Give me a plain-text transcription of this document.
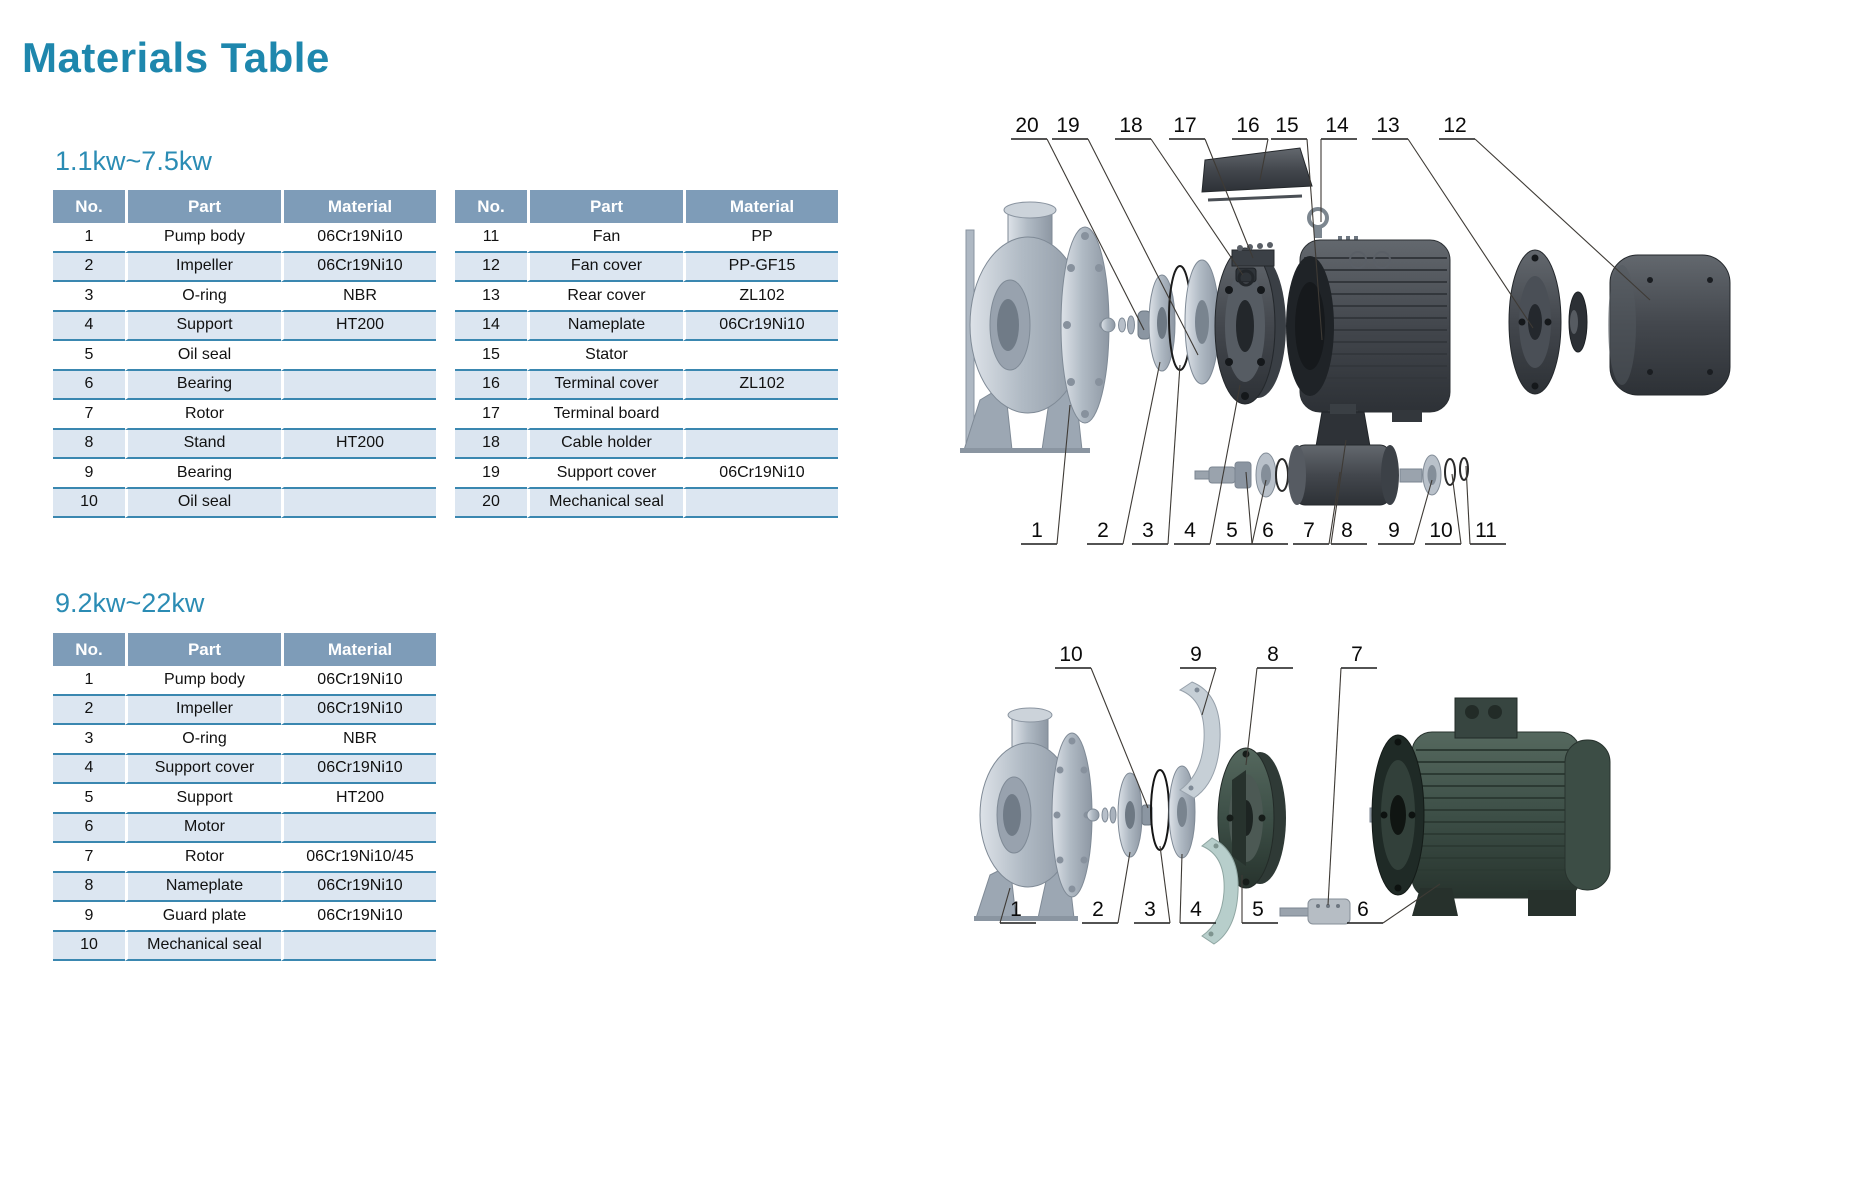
Materials Table
1.1kw~7.5kw
No.	Part	Material
1	Pump body	06Cr19Ni10
2	Impeller	06Cr19Ni10
3	O-ring	NBR
4	Support	HT200
5	Oil seal	
6	Bearing	
7	Rotor	
8	Stand	HT200
9	Bearing	
10	Oil seal	
No.	Part	Material
11	Fan	PP
12	Fan cover	PP-GF15
13	Rear cover	ZL102
14	Nameplate	06Cr19Ni10
15	Stator	
16	Terminal cover	ZL102
17	Terminal board	
18	Cable holder	
19	Support cover	06Cr19Ni10
20	Mechanical seal	
9.2kw~22kw
No.	Part	Material
1	Pump body	06Cr19Ni10
2	Impeller	06Cr19Ni10
3	O-ring	NBR
4	Support cover	06Cr19Ni10
5	Support	HT200
6	Motor	
7	Rotor	06Cr19Ni10/45
8	Nameplate	06Cr19Ni10
9	Guard plate	06Cr19Ni10
10	Mechanical seal	
20 19 18 17 16 15 14 13 12
1	2 3 4 5 6 7 8 9 10 11
10	9	8	7
1	2 3 4 5	6
